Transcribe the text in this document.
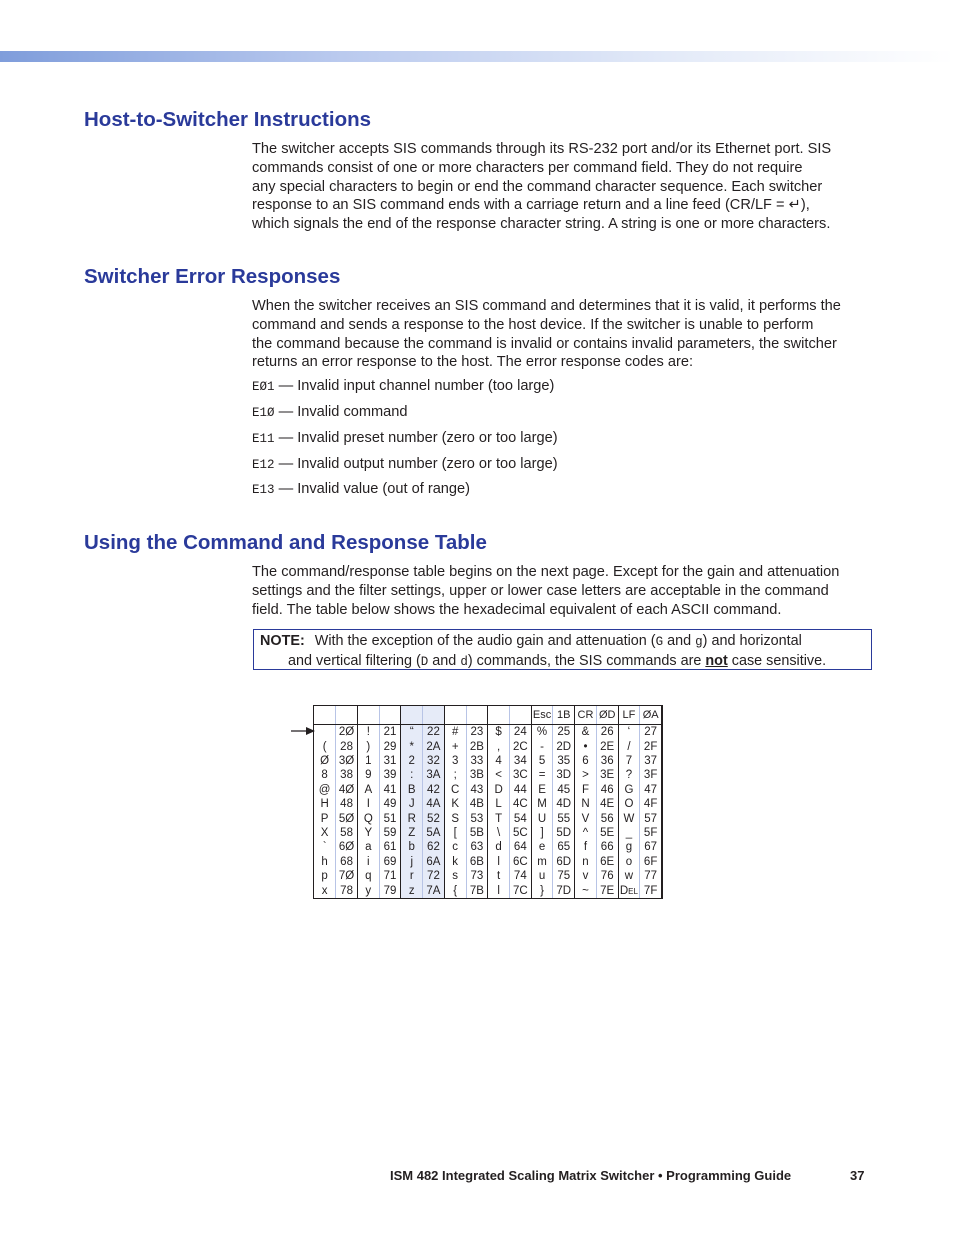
Host-to-Switcher Instructions

The switcher accepts SIS commands through its RS-232 port and/or its Ethernet port. SIS
commands consist of one or more characters per command field. They do not require
any special characters to begin or end the command character sequence. Each switcher
response to an SIS command ends with a carriage return and a line feed (CR/LF = ↵),
which signals the end of the response character string. A string is one or more characters.

Switcher Error Responses

When the switcher receives an SIS command and determines that it is valid, it performs the
command and sends a response to the host device. If the switcher is unable to perform
the command because the command is invalid or contains invalid parameters, the switcher
returns an error response to the host. The error response codes are:

EØ1 — Invalid input channel number (too large)
E1Ø — Invalid command
E11 — Invalid preset number (zero or too large)
E12 — Invalid output number (zero or too large)
E13 — Invalid value (out of range)
Using the Command and Response Table

The command/response table begins on the next page. Except for the gain and attenuation
settings and the filter settings, upper or lower case letters are acceptable in the command
field. The table below shows the hexadecimal equivalent of each ASCII command.

NOTE: With the exception of the audio gain and attenuation (G and g) and horizontal
and vertical filtering (D and d) commands, the SIS commands are not case sensitive.
										Esc	1B	CR	ØD	LF	ØA
	2Ø	!	21	“	22	#	23	$	24	%	25	&	26	‘	27
(	28	)	29	*	2A	+	2B	,	2C	-	2D	•	2E	/	2F
Ø	3Ø	1	31	2	32	3	33	4	34	5	35	6	36	7	37
8	38	9	39	:	3A	;	3B	<	3C	=	3D	>	3E	?	3F
@	4Ø	A	41	B	42	C	43	D	44	E	45	F	46	G	47
H	48	I	49	J	4A	K	4B	L	4C	M	4D	N	4E	O	4F
P	5Ø	Q	51	R	52	S	53	T	54	U	55	V	56	W	57
X	58	Y	59	Z	5A	[	5B	\	5C	]	5D	^	5E	_	5F
`	6Ø	a	61	b	62	c	63	d	64	e	65	f	66	g	67
h	68	i	69	j	6A	k	6B	l	6C	m	6D	n	6E	o	6F
p	7Ø	q	71	r	72	s	73	t	74	u	75	v	76	w	77
x	78	y	79	z	7A	{	7B	l	7C	}	7D	~	7E	Del	7F
ISM 482 Integrated Scaling Matrix Switcher • Programming Guide	37
